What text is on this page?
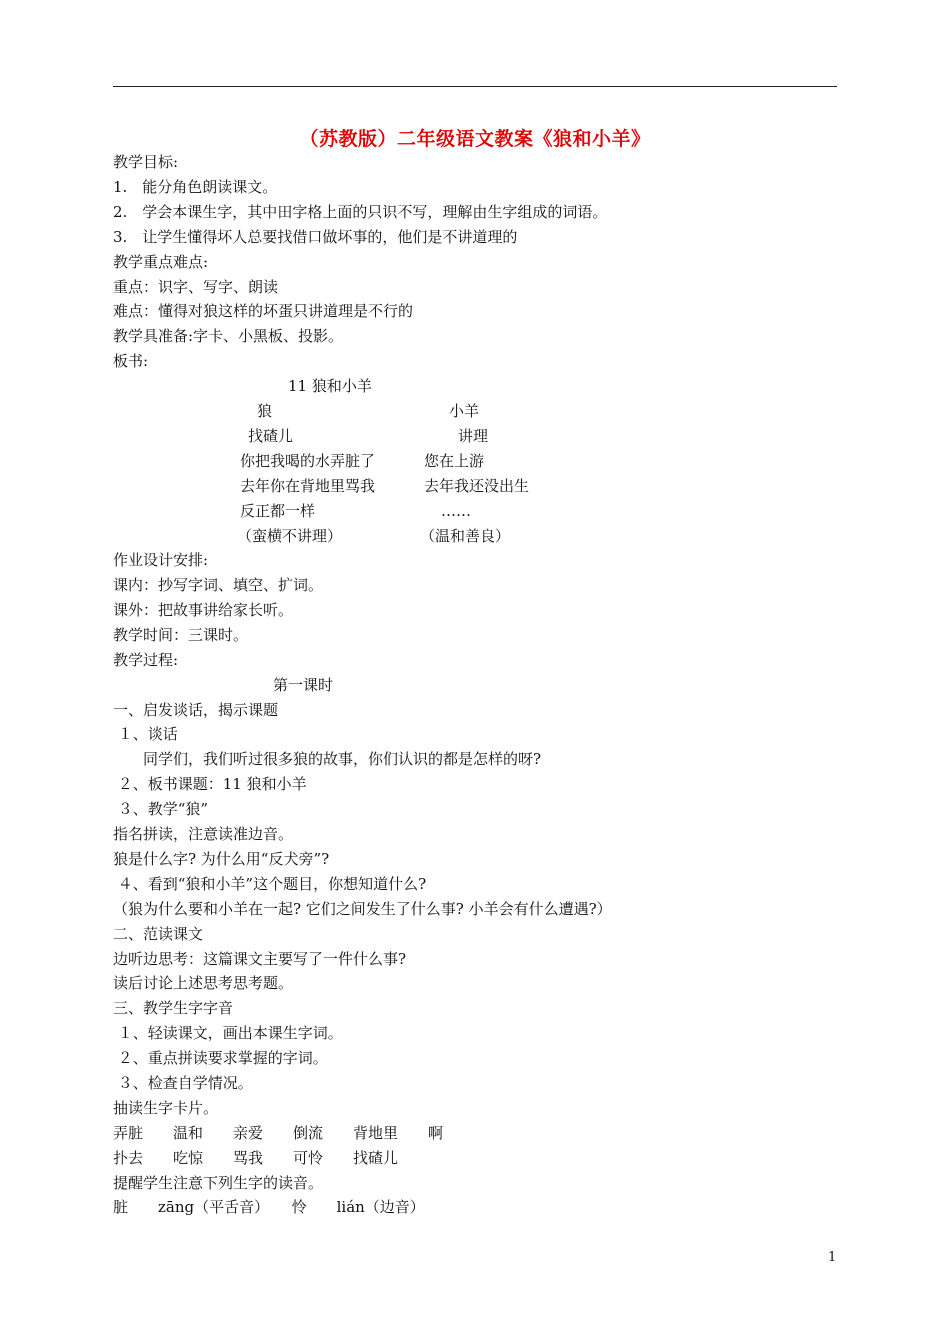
（苏教版）二年级语文教案《狼和小羊》
教学目标:
1.　能分角色朗读课文。
2.　学会本课生字，其中田字格上面的只识不写，理解由生字组成的词语。
3.　让学生懂得坏人总要找借口做坏事的，他们是不讲道理的
教学重点难点:
重点：识字、写字、朗读
难点：懂得对狼这样的坏蛋只讲道理是不行的
教学具准备:字卡、小黑板、投影。
板书:
11 狼和小羊
狼	小羊
找碴儿	讲理
你把我喝的水弄脏了	您在上游
去年你在背地里骂我	去年我还没出生
反正都一样	……
（蛮横不讲理）	（温和善良）
作业设计安排:
课内：抄写字词、填空、扩词。
课外：把故事讲给家长听。
教学时间：三课时。
教学过程:
第一课时
一、启发谈话，揭示课题
１、谈话
　　同学们，我们听过很多狼的故事，你们认识的都是怎样的呀?
２、板书课题：11 狼和小羊
３、教学“狼”
指名拼读，注意读准边音。
狼是什么字? 为什么用“反犬旁”?
４、看到“狼和小羊”这个题目，你想知道什么?
（狼为什么要和小羊在一起? 它们之间发生了什么事? 小羊会有什么遭遇?）
二、范读课文
边听边思考：这篇课文主要写了一件什么事?
读后讨论上述思考思考题。
三、教学生字字音
１、轻读课文，画出本课生字词。
２、重点拼读要求掌握的字词。
３、检查自学情况。
抽读生字卡片。
弄脏　　温和　　亲爱　　倒流　　背地里　　啊
扑去　　吃惊　　骂我　　可怜　　找碴儿
提醒学生注意下列生字的读音。
脏　　zāng（平舌音）　　怜　　lián（边音）
1
